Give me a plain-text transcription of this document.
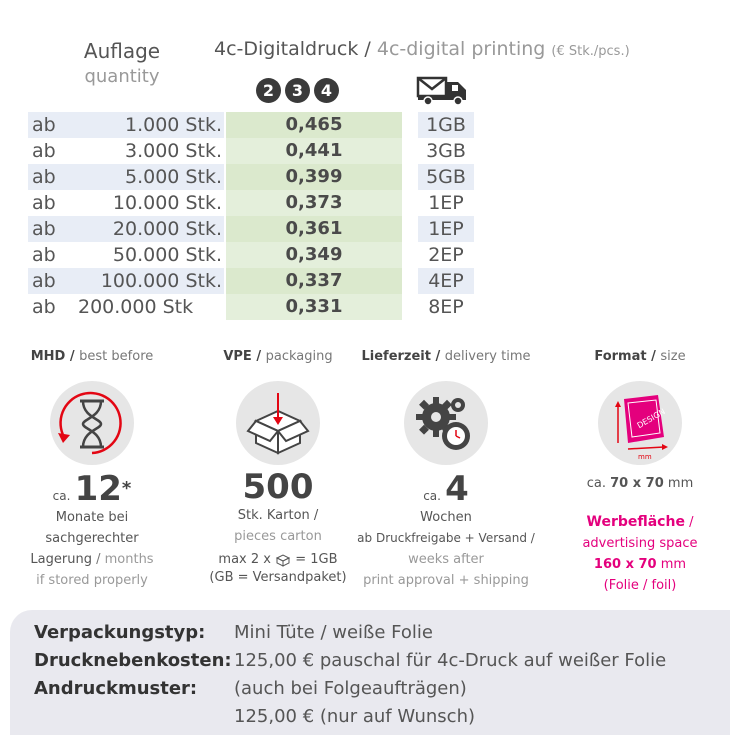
Auflage
quantity
4c-Digitaldruck / 4c-digital printing (€ Stk./pcs.)
2	3	4
ab	1.000 Stk.	0,465	1GB
ab	3.000 Stk.	0,441	3GB
ab	5.000 Stk.	0,399	5GB
ab	10.000 Stk.	0,373	1EP
ab	20.000 Stk.	0,361	1EP
ab	50.000 Stk.	0,349	2EP
ab	100.000 Stk.	0,337	4EP
ab 200.000 Stk	0,331	8EP
MHD / best before
ca. 12*
Monate bei
sachgerechter
Lagerung / months
if stored properly
VPE / packaging
500
Stk. Karton /
pieces carton
max 2 x = 1GB
(GB = Versandpaket)
Lieferzeit / delivery time
ca. 4
Wochen
ab Druckfreigabe + Versand /
weeks after
print approval + shipping
Format / size
DESIGN
mm
ca. 70 x 70 mm
Werbefläche /
advertising space
160 x 70 mm
(Folie / foil)
Verpackungstyp: Mini Tüte / weiße Folie
Drucknebenkosten: 125,00 € pauschal für 4c-Druck auf weißer Folie
Andruckmuster: (auch bei Folgeaufträgen)
125,00 € (nur auf Wunsch)
